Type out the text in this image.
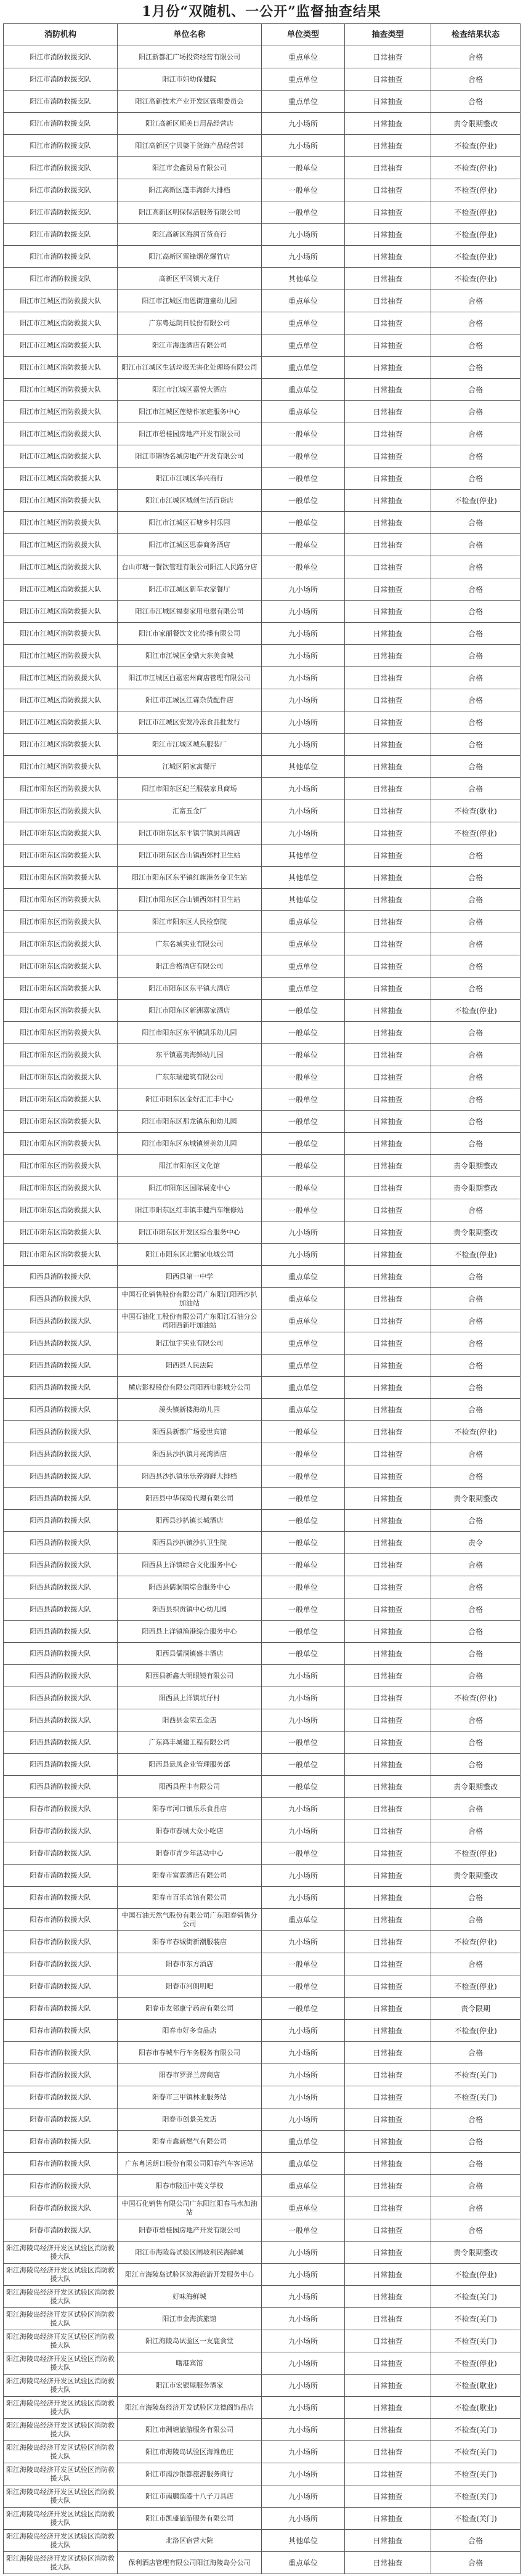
1月份“双随机、一公开”监督抽查结果
消防机构	单位名称	单位类型	抽查类型	检查结果状态
阳江市消防救援支队	阳江新都汇广场投资经营有限公司	重点单位	日常抽查	合格
阳江市消防救援支队	阳江市妇幼保健院	重点单位	日常抽查	合格
阳江市消防救援支队	阳江高新技术产业开发区管理委员会	重点单位	日常抽查	合格
阳江市消防救援支队	阳江高新区顺美日用品经营店	九小场所	日常抽查	责令限期整改
阳江市消防救援支队	阳江高新区宁贝婆干货海产品经营部	九小场所	日常抽查	不检查(停业)
阳江市消防救援支队	阳江市金鑫贸易有限公司	一般单位	日常抽查	不检查(停业)
阳江市消防救援支队	阳江高新区蓬丰海鲜大排档	一般单位	日常抽查	不检查(停业)
阳江市消防救援支队	阳江高新区明保保洁服务有限公司	一般单位	日常抽查	不检查(停业)
阳江市消防救援支队	阳江高新区海润百货商行	九小场所	日常抽查	不检查(停业)
阳江市消防救援支队	阳江高新区雷锋烟花爆竹店	九小场所	日常抽查	不检查(停业)
阳江市消防救援支队	高新区平冈镇大龙仔	其他单位	日常抽查	不检查(停业)
阳江市江城区消防救援大队	阳江市江城区南恩街道童幼儿园	重点单位	日常抽查	合格
阳江市江城区消防救援大队	广东粤运朗日股份有限公司	重点单位	日常抽查	合格
阳江市江城区消防救援大队	阳江市海逸酒店有限公司	重点单位	日常抽查	合格
阳江市江城区消防救援大队	阳江市江城区生活垃圾无害化处理场有限公司	重点单位	日常抽查	合格
阳江市江城区消防救援大队	阳江市江城区嘉悦大酒店	重点单位	日常抽查	合格
阳江市江城区消防救援大队	阳江市江城区莲塘作家庭服务中心	重点单位	日常抽查	合格
阳江市江城区消防救援大队	阳江市碧桂园房地产开发有限公司	一般单位	日常抽查	合格
阳江市江城区消防救援大队	阳江市锦绣名城房地产开发有限公司	一般单位	日常抽查	合格
阳江市江城区消防救援大队	阳江市江城区华兴商行	一般单位	日常抽查	合格
阳江市江城区消防救援大队	阳江市江城区城创生活百货店	一般单位	日常抽查	不检查(停业)
阳江市江城区消防救援大队	阳江市江城区石塘乡村乐园	一般单位	日常抽查	合格
阳江市江城区消防救援大队	阳江市江城区思泰商务酒店	一般单位	日常抽查	合格
阳江市江城区消防救援大队	台山市塘一餐饮管理有限公司阳江人民路分店	一般单位	日常抽查	合格
阳江市江城区消防救援大队	阳江市江城区新车农家餐厅	九小场所	日常抽查	合格
阳江市江城区消防救援大队	阳江市江城区福泰家用电器有限公司	九小场所	日常抽查	合格
阳江市江城区消防救援大队	阳江市家丽餐饮文化传播有限公司	九小场所	日常抽查	合格
阳江市江城区消防救援大队	阳江市江城区金鼎大东美食城	九小场所	日常抽查	合格
阳江市江城区消防救援大队	阳江市江城区白嘉宏州商店管理有限公司	九小场所	日常抽查	合格
阳江市江城区消防救援大队	阳江市江城区江霖杂货配件店	九小场所	日常抽查	合格
阳江市江城区消防救援大队	阳江市江城区安发冷冻食品批发行	九小场所	日常抽查	合格
阳江市江城区消防救援大队	阳江市江城区城东服装厂	九小场所	日常抽查	合格
阳江市江城区消防救援大队	江城区陌家寓餐厅	其他单位	日常抽查	合格
阳江市阳东区消防救援大队	阳江市阳东区纪兰服装家具商场	九小场所	日常抽查	合格
阳江市阳东区消防救援大队	汇富五金厂	九小场所	日常抽查	不检查(歇业)
阳江市阳东区消防救援大队	阳江市阳东区东平镇宇镇厨具商店	九小场所	日常抽查	不检查(停业)
阳江市阳东区消防救援大队	阳江市阳东区合山镇西郊村卫生站	其他单位	日常抽查	合格
阳江市阳东区消防救援大队	阳江市阳东区东平镇红旗港务金卫生站	其他单位	日常抽查	合格
阳江市阳东区消防救援大队	阳江市阳东区合山镇西郊村卫生站	其他单位	日常抽查	合格
阳江市阳东区消防救援大队	阳江市阳东区人民检察院	重点单位	日常抽查	合格
阳江市阳东区消防救援大队	广东名城实业有限公司	重点单位	日常抽查	合格
阳江市阳东区消防救援大队	阳江合格酒店有限公司	重点单位	日常抽查	合格
阳江市阳东区消防救援大队	阳江市阳东区东平镇大酒店	重点单位	日常抽查	合格
阳江市阳东区消防救援大队	阳江市阳东区新洲嘉家酒店	一般单位	日常抽查	不检查(停业)
阳江市阳东区消防救援大队	阳江市阳东区东平镇凯乐幼儿园	一般单位	日常抽查	合格
阳江市阳东区消防救援大队	东平镇嘉美海鲜幼儿园	一般单位	日常抽查	合格
阳江市阳东区消防救援大队	广东东瑞建筑有限公司	一般单位	日常抽查	合格
阳江市阳东区消防救援大队	阳江市阳东区金好汇汇丰中心	一般单位	日常抽查	合格
阳江市阳东区消防救援大队	阳江市阳东区那龙镇东和幼儿园	一般单位	日常抽查	合格
阳江市阳东区消防救援大队	阳江市阳东区东城镇贺美幼儿园	一般单位	日常抽查	合格
阳江市阳东区消防救援大队	阳江市阳东区文化馆	一般单位	日常抽查	责令限期整改
阳江市阳东区消防救援大队	阳江市阳东区国际展览中心	一般单位	日常抽查	责令限期整改
阳江市阳东区消防救援大队	阳江市阳东区红丰镇丰健汽车维修站	一般单位	日常抽查	合格
阳江市阳东区消防救援大队	阳江市阳东区开发区综合服务中心	九小场所	日常抽查	责令限期整改
阳江市阳东区消防救援大队	阳江市阳东区北惯家电城公司	九小场所	日常抽查	不检查(停业)
阳西县消防救援大队	阳西县第一中学	重点单位	日常抽查	合格
阳西县消防救援大队	中国石化销售股份有限公司广东阳江阳西沙扒加油站	重点单位	日常抽查	合格
阳西县消防救援大队	中国石油化工股份有限公司广东阳江石油分公司阳西新圩加油站	重点单位	日常抽查	合格
阳西县消防救援大队	阳江恒宇实业有限公司	重点单位	日常抽查	合格
阳西县消防救援大队	阳西县人民法院	重点单位	日常抽查	合格
阳西县消防救援大队	横店影视股份有限公司阳西电影城分公司	重点单位	日常抽查	合格
阳西县消防救援大队	溪头镇新楼海幼儿园	重点单位	日常抽查	合格
阳西县消防救援大队	阳西县新都广场爱世宾馆	一般单位	日常抽查	不检查(停业)
阳西县消防救援大队	阳西县沙扒镇月亮湾酒店	一般单位	日常抽查	合格
阳西县消防救援大队	阳西县沙扒镇乐乐养海鲜大排档	一般单位	日常抽查	合格
阳西县消防救援大队	阳西县中华保险代理有限公司	一般单位	日常抽查	责令限期整改
阳西县消防救援大队	阳西县沙扒镇长城酒店	一般单位	日常抽查	合格
阳西县消防救援大队	阳西县沙扒镇沙扒卫生院	一般单位	日常抽查	责令
阳西县消防救援大队	阳西县上洋镇综合文化服务中心	一般单位	日常抽查	合格
阳西县消防救援大队	阳西县儒洞镇综合服务中心	一般单位	日常抽查	合格
阳西县消防救援大队	阳西县织贡镇中心幼儿园	一般单位	日常抽查	合格
阳西县消防救援大队	阳西县上洋镇渔港综合服务中心	一般单位	日常抽查	合格
阳西县消防救援大队	阳西县儒洞镇盛丰酒店	一般单位	日常抽查	合格
阳西县消防救援大队	阳西县新鑫大明眼镜有限公司	九小场所	日常抽查	合格
阳西县消防救援大队	阳西县上洋镇坑仔村	九小场所	日常抽查	不检查(停业)
阳西县消防救援大队	阳西县金荣五金店	九小场所	日常抽查	合格
阳西县消防救援大队	广东鸿丰城建工程有限公司	一般单位	日常抽查	合格
阳西县消防救援大队	阳西县悬凤企业管理服务部	一般单位	日常抽查	合格
阳西县消防救援大队	阳西县程丰有限公司	一般单位	日常抽查	责令限期整改
阳春市消防救援大队	阳春市河口镇乐乐食品店	九小场所	日常抽查	合格
阳春市消防救援大队	阳春市春城大众小吃店	九小场所	日常抽查	合格
阳春市消防救援大队	阳春市青少年活动中心	一般单位	日常抽查	不检查(停业)
阳春市消防救援大队	阳春市富霖酒店有限公司	九小场所	日常抽查	责令限期整改
阳春市消防救援大队	阳春市百乐宾馆有限公司	九小场所	日常抽查	合格
阳春市消防救援大队	中国石油天然气股份有限公司广东阳春销售分公司	重点单位	日常抽查	合格
阳春市消防救援大队	阳春市春城街新潮服装店	九小场所	日常抽查	不检查(停业)
阳春市消防救援大队	阳春市东方酒店	一般单位	日常抽查	合格
阳春市消防救援大队	阳春市河朗明吧	一般单位	日常抽查	不检查(停业)
阳春市消防救援大队	阳春市友邻康宁药房有限公司	一般单位	日常抽查	责令限期
阳春市消防救援大队	阳春市好多食品店	九小场所	日常抽查	不检查(停业)
阳春市消防救援大队	阳春市春城车行车务服务有限公司	九小场所	日常抽查	合格
阳春市消防救援大队	阳春市罗驿兰房商店	九小场所	日常抽查	不检查(关门)
阳春市消防救援大队	阳春市三甲镇林业服务站	九小场所	日常抽查	不检查(关门)
阳春市消防救援大队	阳春市创景美发店	九小场所	日常抽查	合格
阳春市消防救援大队	阳春市鑫新燃气有限公司	重点单位	日常抽查	合格
阳春市消防救援大队	广东粤运朗日股份有限公司阳春汽车客运站	重点单位	日常抽查	合格
阳春市消防救援大队	阳春市陂面中英文学校	重点单位	日常抽查	合格
阳春市消防救援大队	中国石化销售有限公司广东阳江阳春马水加油站	重点单位	日常抽查	合格
阳春市消防救援大队	阳春市碧桂园房地产开发有限公司	一般单位	日常抽查	合格
阳江海陵岛经济开发区试验区消防救援大队	阳江市海陵岛试验区闸坡利民海鲜城	九小场所	日常抽查	责令限期整改
阳江海陵岛经济开发区试验区消防救援大队	阳江市海陵岛试验区滨海旅游开发服务中心	九小场所	日常抽查	不检查(停业)
阳江海陵岛经济开发区试验区消防救援大队	好味海鲜城	九小场所	日常抽查	不检查(关门)
阳江海陵岛经济开发区试验区消防救援大队	阳江市金海滨旅馆	九小场所	日常抽查	不检查(关门)
阳江海陵岛经济开发区试验区消防救援大队	阳江海陵岛试验区一友鹿食堂	九小场所	日常抽查	不检查(关门)
阳江海陵岛经济开发区试验区消防救援大队	曙港宾馆	九小场所	日常抽查	不检查(停业)
阳江海陵岛经济开发区试验区消防救援大队	阳江市宏银屋服务酒家	九小场所	日常抽查	不检查(歇业)
阳江海陵岛经济开发区试验区消防救援大队	阳江市海陵岛经济开发试验区龙德阁饰品店	九小场所	日常抽查	不检查(歇业)
阳江海陵岛经济开发区试验区消防救援大队	阳江市洲塘旅游服务有限公司	九小场所	日常抽查	不检查(关门)
阳江海陵岛经济开发区试验区消防救援大队	阳江市海陵岛试验区海滩鱼庄	九小场所	日常抽查	不检查(关门)
阳江海陵岛经济开发区试验区消防救援大队	阳江市南沙银都旅游服务商行	九小场所	日常抽查	不检查(关门)
阳江海陵岛经济开发区试验区消防救援大队	阳江市南鹏渔港十八子刀具店	九小场所	日常抽查	不检查(关门)
阳江海陵岛经济开发区试验区消防救援大队	阳江市凯盛旅游服务有限公司	九小场所	日常抽查	不检查(关门)
阳江海陵岛经济开发区试验区消防救援大队	北洛区宿营大院	其他单位	日常抽查	合格
阳江海陵岛经济开发区试验区消防救援大队	保利酒店管理有限公司阳江海陵岛分公司	重点单位	日常抽查	合格
